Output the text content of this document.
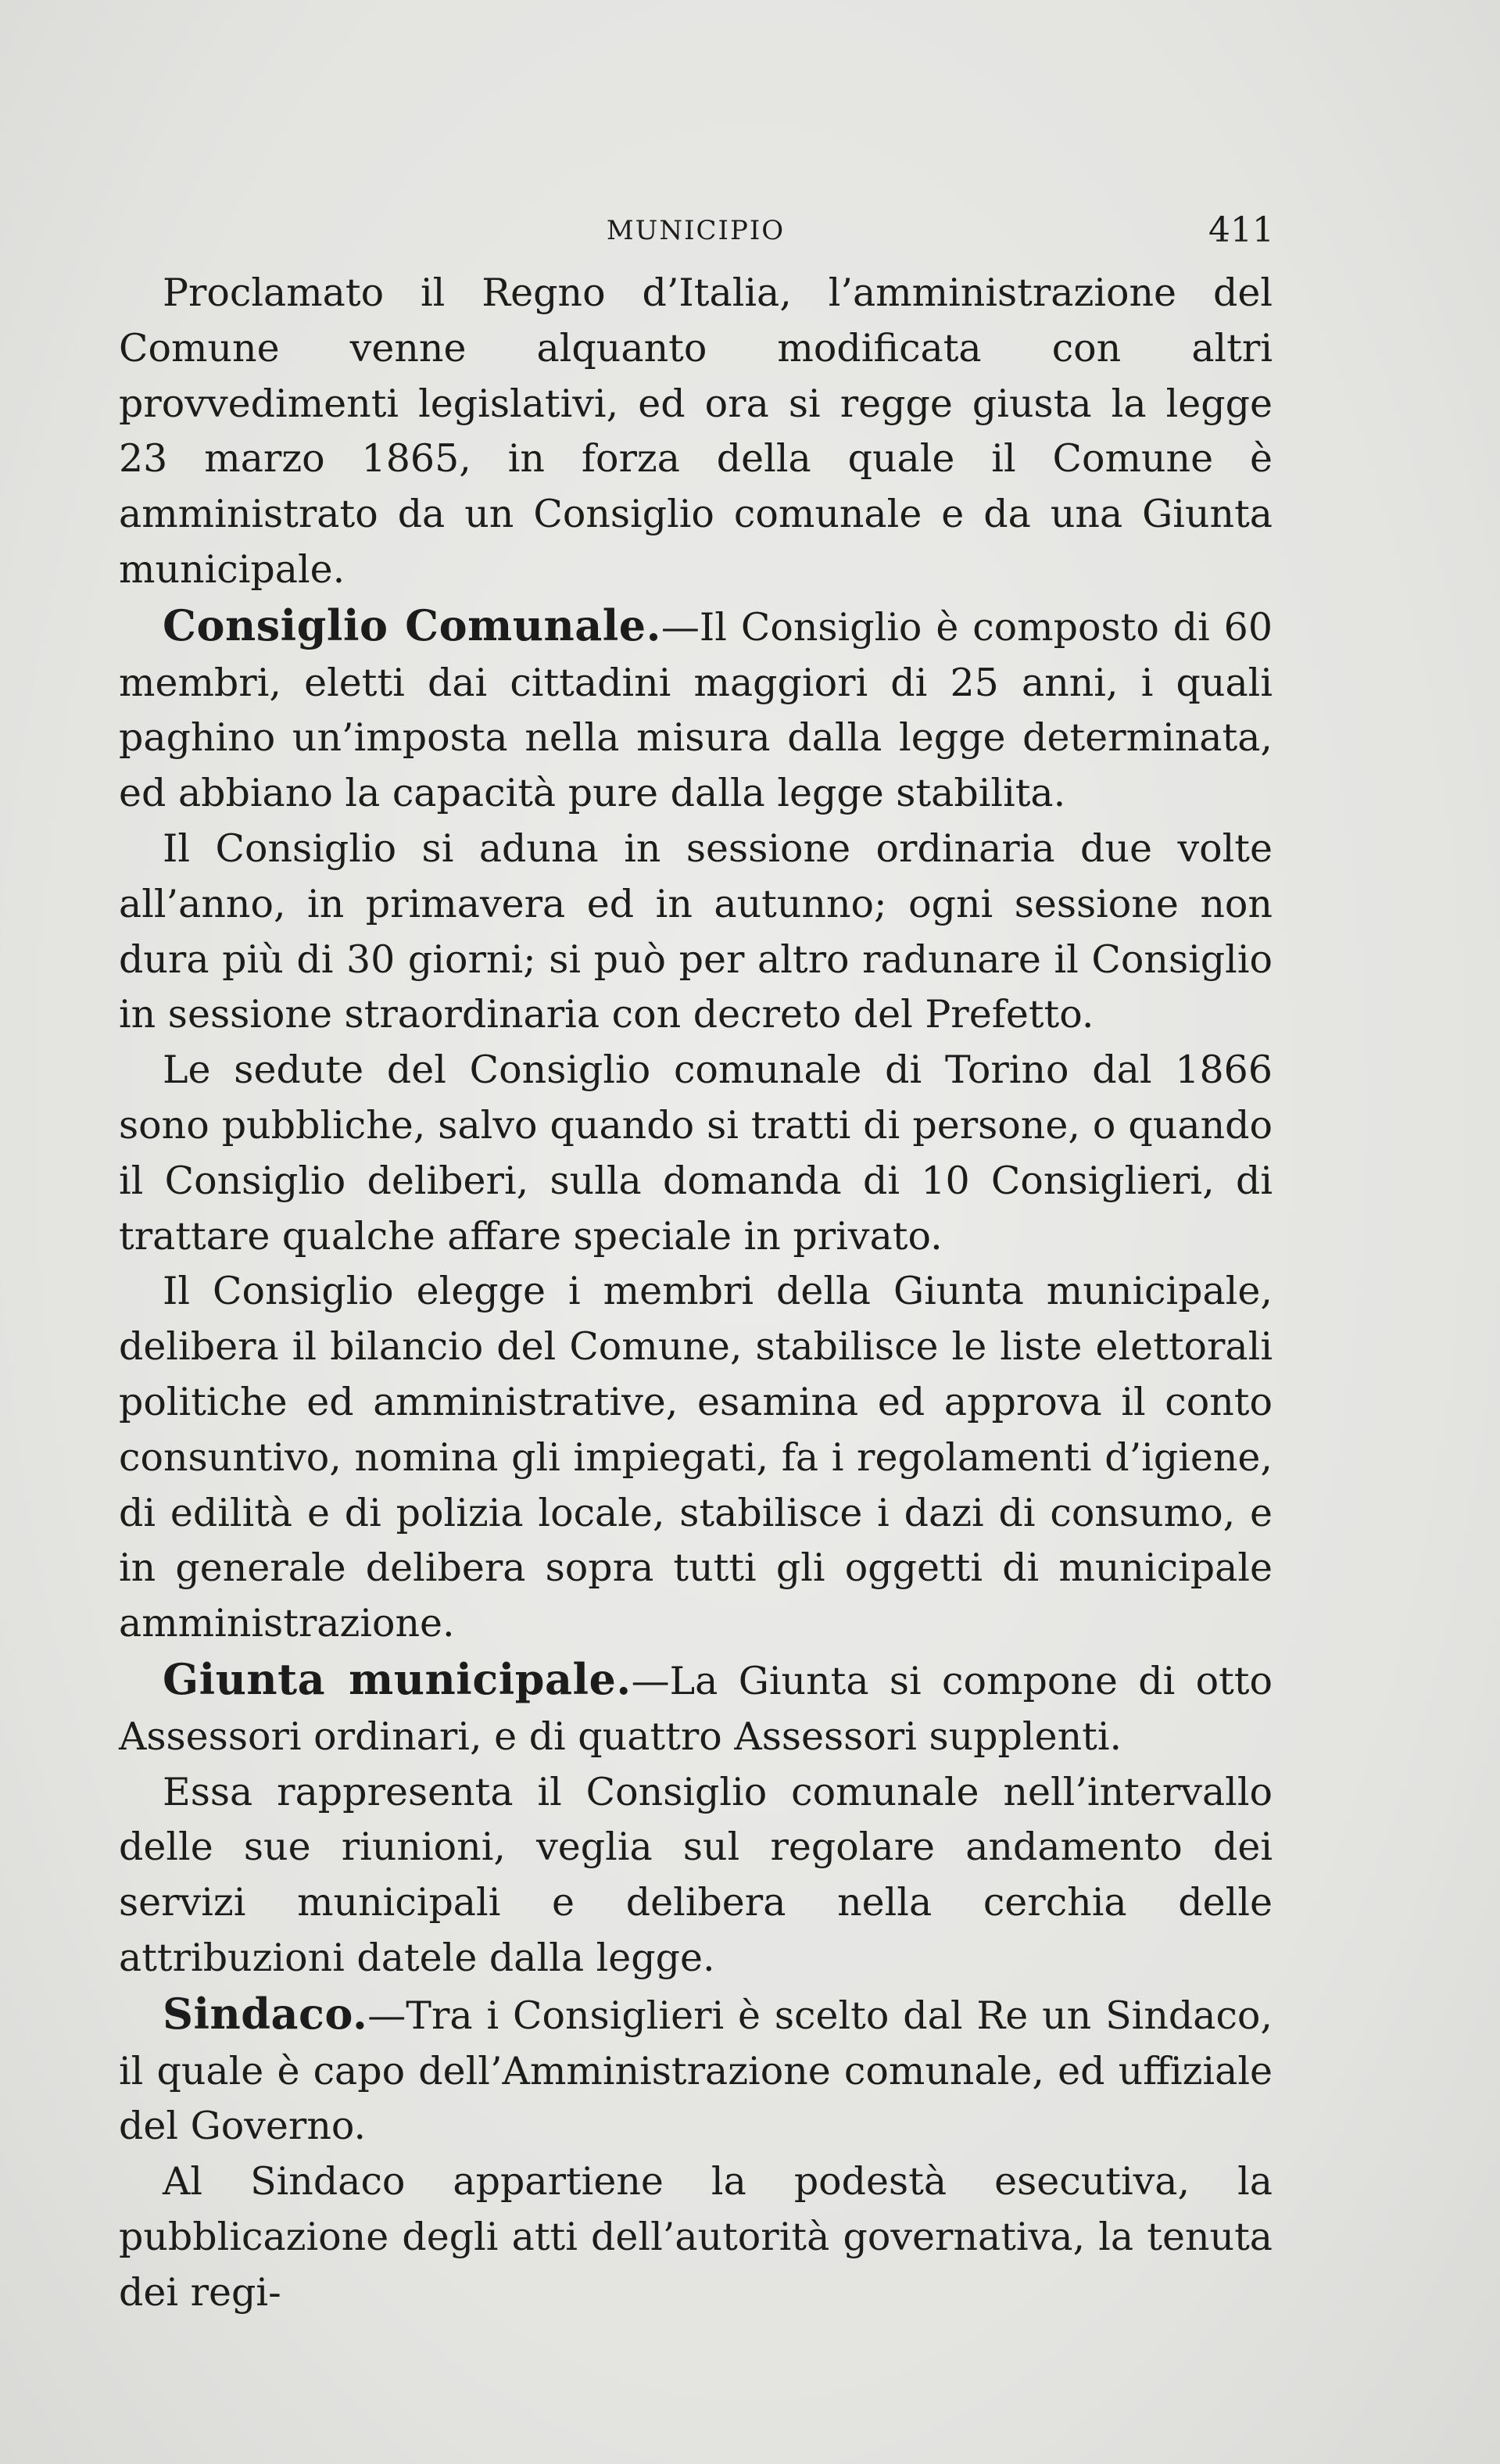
MUNICIPIO	411

Proclamato il Regno d’Italia, l’amministrazione del Comune venne alquanto modificata con altri provvedimenti legislativi, ed ora si regge giusta la legge 23 marzo 1865, in forza della quale il Comune è amministrato da un Consiglio comunale e da una Giunta municipale.

Consiglio Comunale.—Il Consiglio è composto di 60 membri, eletti dai cittadini maggiori di 25 anni, i quali paghino un’imposta nella misura dalla legge determinata, ed abbiano la capacità pure dalla legge stabilita.

Il Consiglio si aduna in sessione ordinaria due volte all’anno, in primavera ed in autunno; ogni sessione non dura più di 30 giorni; si può per altro radunare il Consiglio in sessione straordinaria con decreto del Prefetto.

Le sedute del Consiglio comunale di Torino dal 1866 sono pubbliche, salvo quando si tratti di persone, o quando il Consiglio deliberi, sulla domanda di 10 Consiglieri, di trattare qualche affare speciale in privato.

Il Consiglio elegge i membri della Giunta municipale, delibera il bilancio del Comune, stabilisce le liste elettorali politiche ed amministrative, esamina ed approva il conto consuntivo, nomina gli impiegati, fa i regolamenti d’igiene, di edilità e di polizia locale, stabilisce i dazi di consumo, e in generale delibera sopra tutti gli oggetti di municipale amministrazione.

Giunta municipale.—La Giunta si compone di otto Assessori ordinari, e di quattro Assessori supplenti.

Essa rappresenta il Consiglio comunale nell’intervallo delle sue riunioni, veglia sul regolare andamento dei servizi municipali e delibera nella cerchia delle attribuzioni datele dalla legge.

Sindaco.—Tra i Consiglieri è scelto dal Re un Sindaco, il quale è capo dell’Amministrazione comunale, ed uffiziale del Governo.

Al Sindaco appartiene la podestà esecutiva, la pubblicazione degli atti dell’autorità governativa, la tenuta dei regi-
